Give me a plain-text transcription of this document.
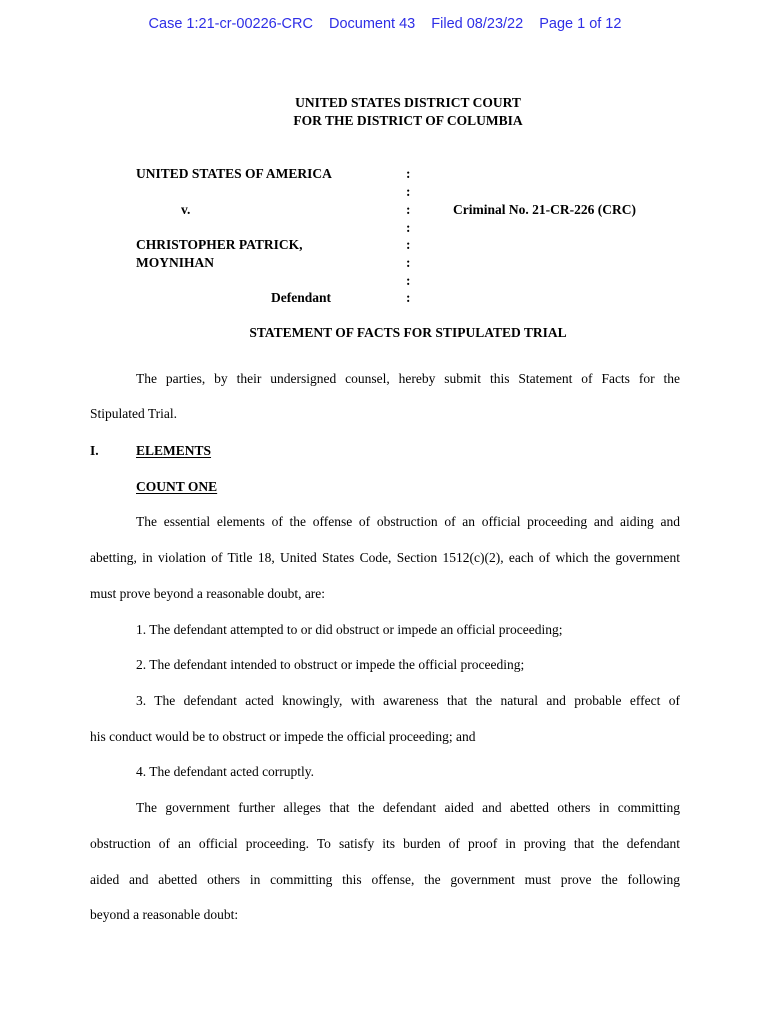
Case 1:21-cr-00226-CRC Document 43 Filed 08/23/22 Page 1 of 12
UNITED STATES DISTRICT COURT
FOR THE DISTRICT OF COLUMBIA
UNITED STATES OF AMERICA
v.
CHRISTOPHER PATRICK,
MOYNIHAN
Defendant
:
:
:
:
:
:
:
:
Criminal No. 21-CR-226 (CRC)
STATEMENT OF FACTS FOR STIPULATED TRIAL
The parties, by their undersigned counsel, hereby submit this Statement of Facts for the
Stipulated Trial.
I.	ELEMENTS
COUNT ONE
The essential elements of the offense of obstruction of an official proceeding and aiding and
abetting, in violation of Title 18, United States Code, Section 1512(c)(2), each of which the government
must prove beyond a reasonable doubt, are:
1. The defendant attempted to or did obstruct or impede an official proceeding;
2. The defendant intended to obstruct or impede the official proceeding;
3. The defendant acted knowingly, with awareness that the natural and probable effect of
his conduct would be to obstruct or impede the official proceeding; and
4. The defendant acted corruptly.
The government further alleges that the defendant aided and abetted others in committing
obstruction of an official proceeding. To satisfy its burden of proof in proving that the defendant
aided and abetted others in committing this offense, the government must prove the following
beyond a reasonable doubt:
